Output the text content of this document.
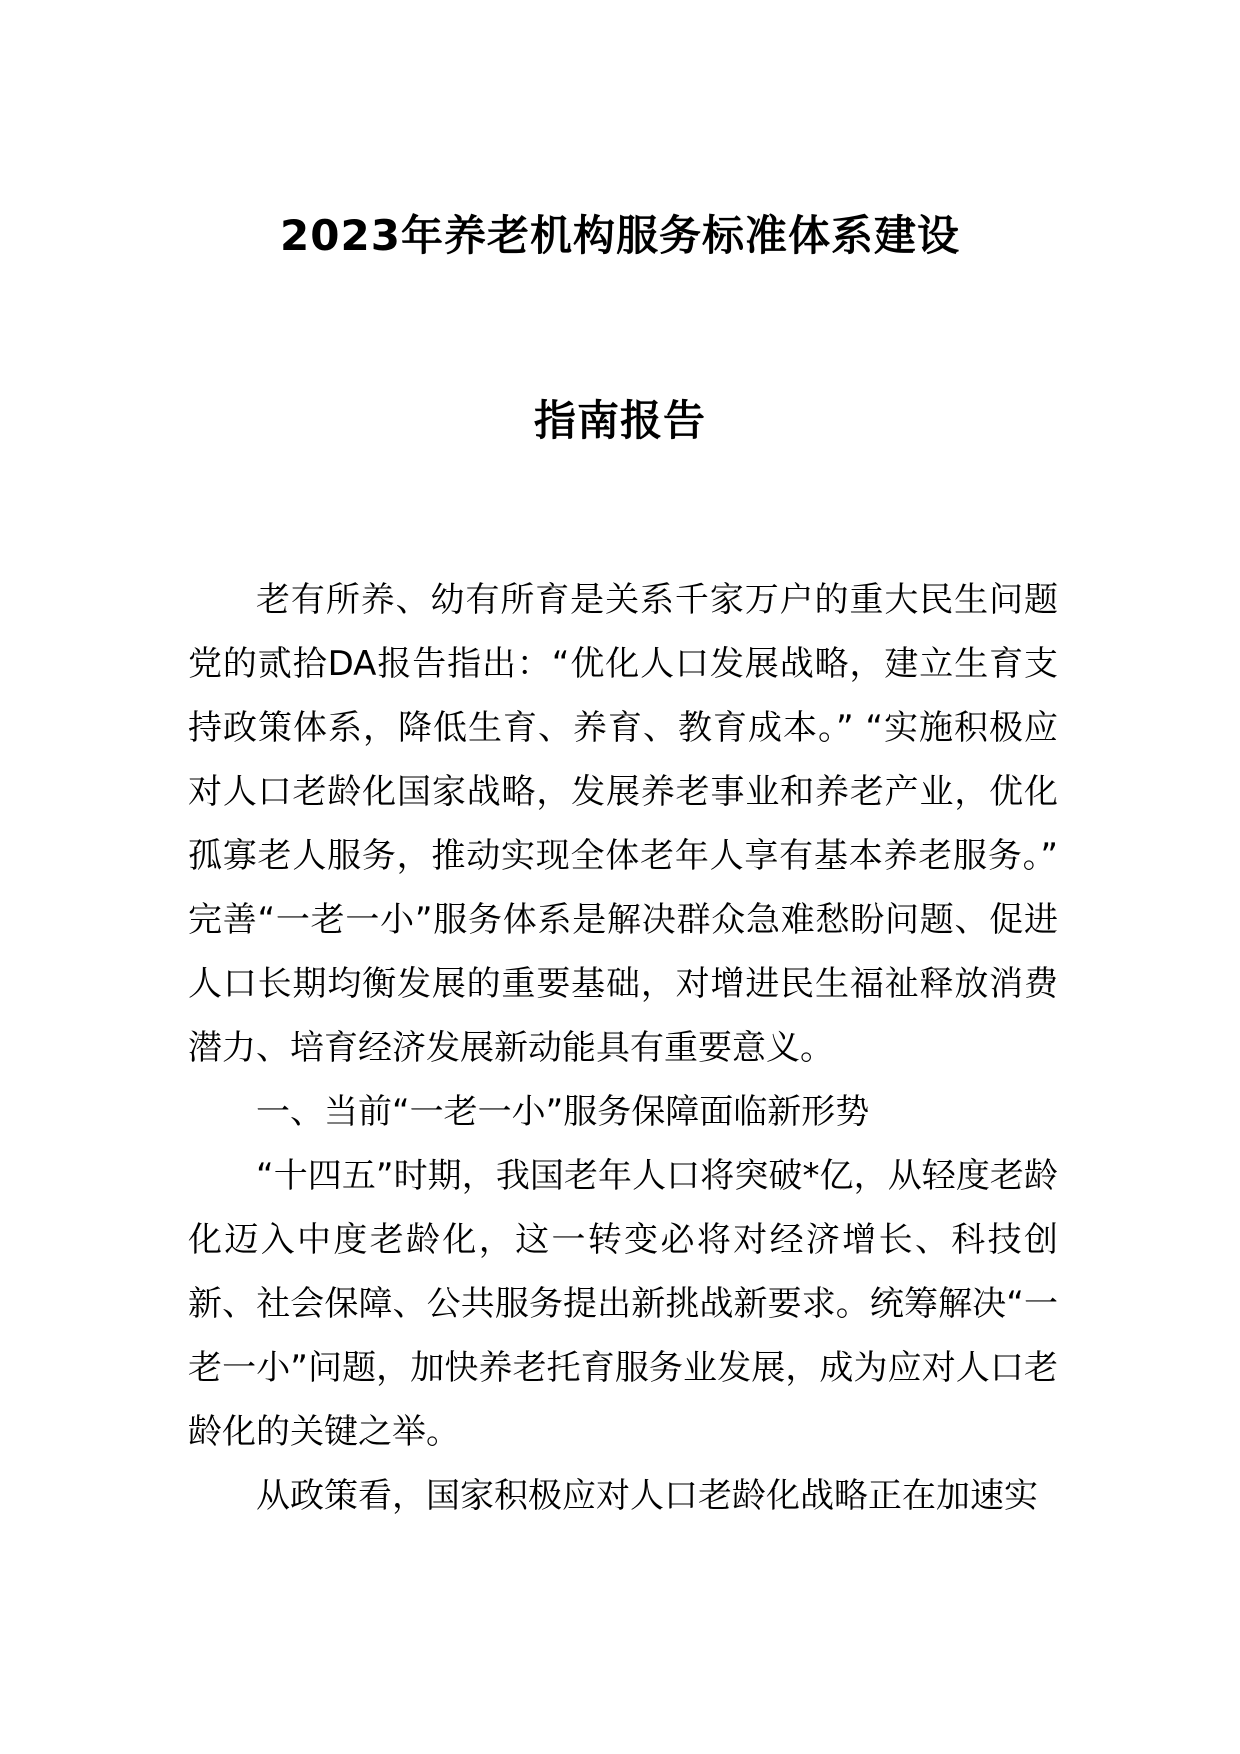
2023年养老机构服务标准体系建设
指南报告

老有所养、幼有所育是关系千家万户的重大民生问题党的贰拾DA报告指出：“优化人口发展战略，建立生育支持政策体系，降低生育、养育、教育成本。” “实施积极应对人口老龄化国家战略，发展养老事业和养老产业，优化孤寡老人服务，推动实现全体老年人享有基本养老服务。” 完善“一老一小”服务体系是解决群众急难愁盼问题、促进人口长期均衡发展的重要基础，对增进民生福祉释放消费潜力、培育经济发展新动能具有重要意义。

一、当前“一老一小”服务保障面临新形势

“十四五”时期，我国老年人口将突破*亿，从轻度老龄化迈入中度老龄化，这一转变必将对经济增长、科技创新、社会保障、公共服务提出新挑战新要求。统筹解决“一老一小”问题，加快养老托育服务业发展，成为应对人口老龄化的关键之举。

从政策看，国家积极应对人口老龄化战略正在加速实
